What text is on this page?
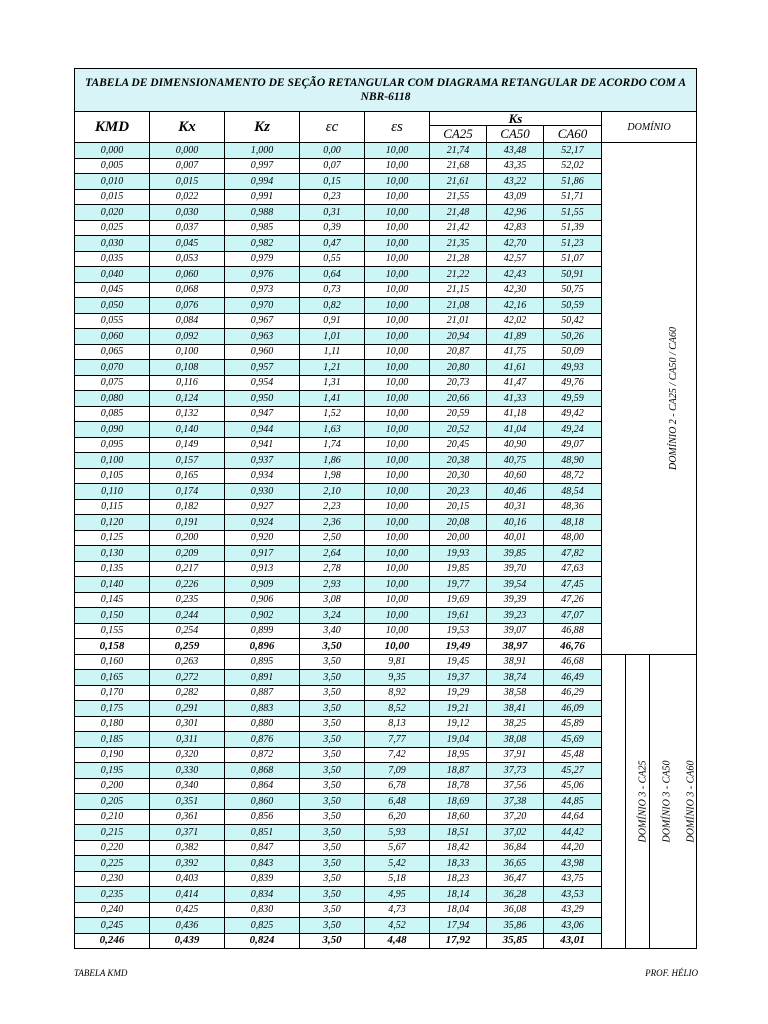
TABELA DE DIMENSIONAMENTO DE SEÇÃO RETANGULAR COM DIAGRAMA RETANGULAR DE ACORDO COM A NBR-6118										
KMD	Kx	Kz	εc	εs	Ks			DOMÍNIO		
					CA25	CA50	CA60			
0,000	0,000	1,000	0,00	10,00	21,74	43,48	52,17	DOMÍNIO 2 - CA25 / CA50 / CA60		
0,005	0,007	0,997	0,07	10,00	21,68	43,35	52,02			
0,010	0,015	0,994	0,15	10,00	21,61	43,22	51,86			
0,015	0,022	0,991	0,23	10,00	21,55	43,09	51,71			
0,020	0,030	0,988	0,31	10,00	21,48	42,96	51,55			
0,025	0,037	0,985	0,39	10,00	21,42	42,83	51,39			
0,030	0,045	0,982	0,47	10,00	21,35	42,70	51,23			
0,035	0,053	0,979	0,55	10,00	21,28	42,57	51,07			
0,040	0,060	0,976	0,64	10,00	21,22	42,43	50,91			
0,045	0,068	0,973	0,73	10,00	21,15	42,30	50,75			
0,050	0,076	0,970	0,82	10,00	21,08	42,16	50,59			
0,055	0,084	0,967	0,91	10,00	21,01	42,02	50,42			
0,060	0,092	0,963	1,01	10,00	20,94	41,89	50,26			
0,065	0,100	0,960	1,11	10,00	20,87	41,75	50,09			
0,070	0,108	0,957	1,21	10,00	20,80	41,61	49,93			
0,075	0,116	0,954	1,31	10,00	20,73	41,47	49,76			
0,080	0,124	0,950	1,41	10,00	20,66	41,33	49,59			
0,085	0,132	0,947	1,52	10,00	20,59	41,18	49,42			
0,090	0,140	0,944	1,63	10,00	20,52	41,04	49,24			
0,095	0,149	0,941	1,74	10,00	20,45	40,90	49,07			
0,100	0,157	0,937	1,86	10,00	20,38	40,75	48,90			
0,105	0,165	0,934	1,98	10,00	20,30	40,60	48,72			
0,110	0,174	0,930	2,10	10,00	20,23	40,46	48,54			
0,115	0,182	0,927	2,23	10,00	20,15	40,31	48,36			
0,120	0,191	0,924	2,36	10,00	20,08	40,16	48,18			
0,125	0,200	0,920	2,50	10,00	20,00	40,01	48,00			
0,130	0,209	0,917	2,64	10,00	19,93	39,85	47,82			
0,135	0,217	0,913	2,78	10,00	19,85	39,70	47,63			
0,140	0,226	0,909	2,93	10,00	19,77	39,54	47,45			
0,145	0,235	0,906	3,08	10,00	19,69	39,39	47,26			
0,150	0,244	0,902	3,24	10,00	19,61	39,23	47,07			
0,155	0,254	0,899	3,40	10,00	19,53	39,07	46,88			
0,158	0,259	0,896	3,50	10,00	19,49	38,97	46,76			
0,160	0,263	0,895	3,50	9,81	19,45	38,91	46,68	DOMÍNIO 3 - CA25	DOMÍNIO 3 - CA50	DOMÍNIO 3 - CA60
0,165	0,272	0,891	3,50	9,35	19,37	38,74	46,49			
0,170	0,282	0,887	3,50	8,92	19,29	38,58	46,29			
0,175	0,291	0,883	3,50	8,52	19,21	38,41	46,09			
0,180	0,301	0,880	3,50	8,13	19,12	38,25	45,89			
0,185	0,311	0,876	3,50	7,77	19,04	38,08	45,69			
0,190	0,320	0,872	3,50	7,42	18,95	37,91	45,48			
0,195	0,330	0,868	3,50	7,09	18,87	37,73	45,27			
0,200	0,340	0,864	3,50	6,78	18,78	37,56	45,06			
0,205	0,351	0,860	3,50	6,48	18,69	37,38	44,85			
0,210	0,361	0,856	3,50	6,20	18,60	37,20	44,64			
0,215	0,371	0,851	3,50	5,93	18,51	37,02	44,42			
0,220	0,382	0,847	3,50	5,67	18,42	36,84	44,20			
0,225	0,392	0,843	3,50	5,42	18,33	36,65	43,98			
0,230	0,403	0,839	3,50	5,18	18,23	36,47	43,75			
0,235	0,414	0,834	3,50	4,95	18,14	36,28	43,53			
0,240	0,425	0,830	3,50	4,73	18,04	36,08	43,29			
0,245	0,436	0,825	3,50	4,52	17,94	35,86	43,06			
0,246	0,439	0,824	3,50	4,48	17,92	35,85	43,01			
TABELA KMD	PROF. HÉLIO
